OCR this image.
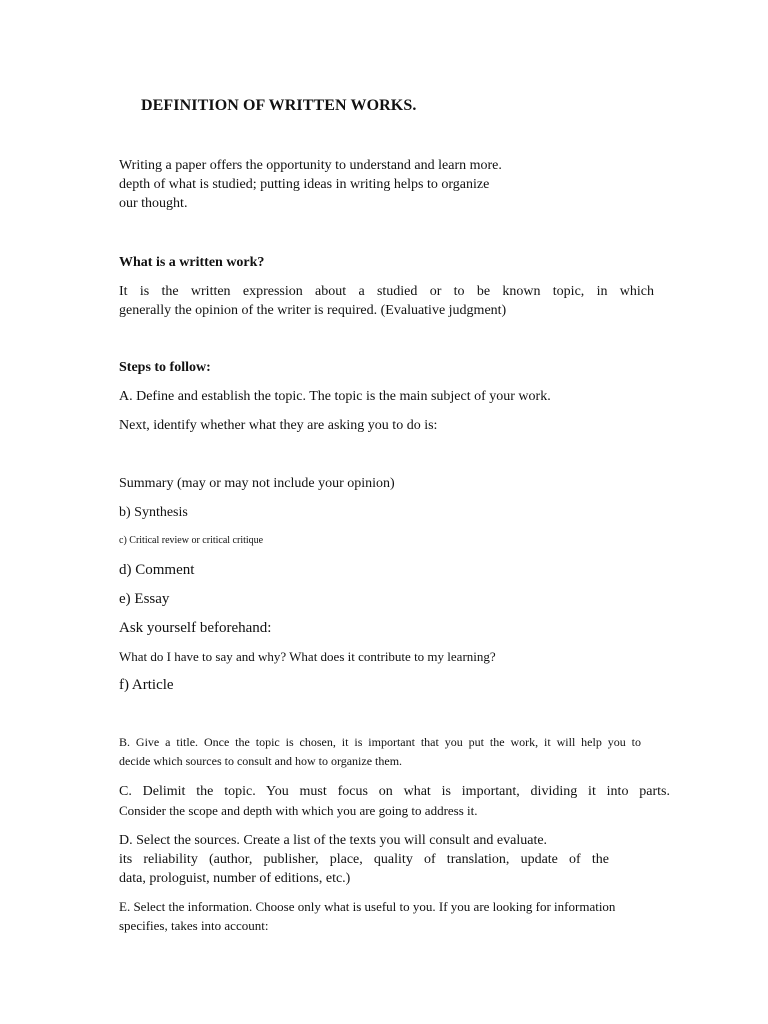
DEFINITION OF WRITTEN WORKS.

Writing a paper offers the opportunity to understand and learn more.
depth of what is studied; putting ideas in writing helps to organize
our thought.

What is a written work?

It is the written expression about a studied or to be known topic, in which
generally the opinion of the writer is required. (Evaluative judgment)

Steps to follow:

A. Define and establish the topic. The topic is the main subject of your work.

Next, identify whether what they are asking you to do is:

Summary (may or may not include your opinion)

b) Synthesis

c) Critical review or critical critique

d) Comment

e) Essay

Ask yourself beforehand:

What do I have to say and why? What does it contribute to my learning?

f) Article

B. Give a title. Once the topic is chosen, it is important that you put the work, it will help you to
decide which sources to consult and how to organize them.

C. Delimit the topic. You must focus on what is important, dividing it into parts.
Consider the scope and depth with which you are going to address it.

D. Select the sources. Create a list of the texts you will consult and evaluate.
its reliability (author, publisher, place, quality of translation, update of the
data, prologuist, number of editions, etc.)

E. Select the information. Choose only what is useful to you. If you are looking for information
specifies, takes into account:
